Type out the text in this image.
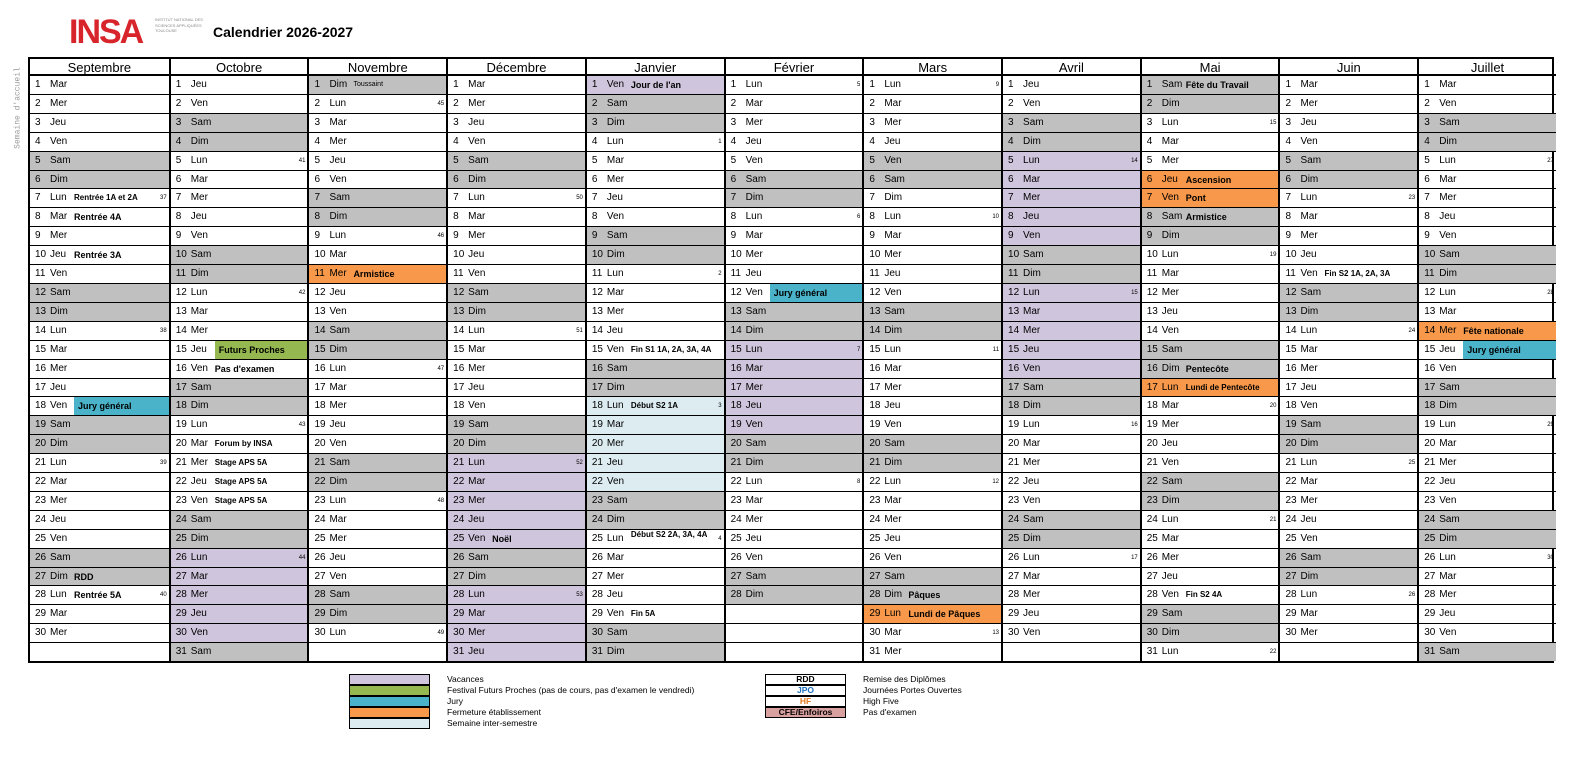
INSA	INSTITUT NATIONAL DES SCIENCES APPLIQUÉES TOULOUSE	Calendrier 2026-2027
Semaine d'accueil	Septembre
1 Mar
2 Mer
3 Jeu
4 Ven
5 Sam
6 Dim
7 Lun Rentrée 1A et 2A	37
8 Mar Rentrée 4A
9 Mer
10 Jeu Rentrée 3A
11 Ven
12 Sam
13 Dim
14 Lun	38
15 Mar
16 Mer
17 Jeu
18 Ven Jury général
19 Sam
20 Dim
21 Lun	39
22 Mar
23 Mer
24 Jeu
25 Ven
26 Sam
27 Dim RDD
28 Lun Rentrée 5A	40
29 Mar
30 Mer
Octobre
1 Jeu
2 Ven
3 Sam
4 Dim
5 Lun	41
6 Mar
7 Mer
8 Jeu
9 Ven
10 Sam
11 Dim
12 Lun	42
13 Mar
14 Mer
15 Jeu Futurs Proches
16 Ven Pas d'examen
17 Sam
18 Dim
19 Lun	43
20 Mar Forum by INSA
21 Mer Stage APS 5A
22 Jeu Stage APS 5A
23 Ven Stage APS 5A
24 Sam
25 Dim
26 Lun	44
27 Mar
28 Mer
29 Jeu
30 Ven
31 Sam
Novembre
1 Dim Toussaint
2 Lun	45
3 Mar
4 Mer
5 Jeu
6 Ven
7 Sam
8 Dim
9 Lun	46
10 Mar
11 Mer Armistice
12 Jeu
13 Ven
14 Sam
15 Dim
16 Lun	47
17 Mar
18 Mer
19 Jeu
20 Ven
21 Sam
22 Dim
23 Lun	48
24 Mar
25 Mer
26 Jeu
27 Ven
28 Sam
29 Dim
30 Lun	49
Décembre
1 Mar
2 Mer
3 Jeu
4 Ven
5 Sam
6 Dim
7 Lun	50
8 Mar
9 Mer
10 Jeu
11 Ven
12 Sam
13 Dim
14 Lun	51
15 Mar
16 Mer
17 Jeu
18 Ven
19 Sam
20 Dim
21 Lun	52
22 Mar
23 Mer
24 Jeu
25 Ven Noël
26 Sam
27 Dim
28 Lun	53
29 Mar
30 Mer
31 Jeu
Janvier
1 Ven Jour de l'an
2 Sam
3 Dim
4 Lun	1
5 Mar
6 Mer
7 Jeu
8 Ven
9 Sam
10 Dim
11 Lun	2
12 Mar
13 Mer
14 Jeu
15 Ven Fin S1 1A, 2A, 3A, 4A
16 Sam
17 Dim
18 Lun Début S2 1A	3
19 Mar
20 Mer
21 Jeu
22 Ven
23 Sam
24 Dim
25 Lun Début S2 2A, 3A, 4A	4
26 Mar
27 Mer
28 Jeu
29 Ven Fin 5A
30 Sam
31 Dim
Février
1 Lun	5
2 Mar
3 Mer
4 Jeu
5 Ven
6 Sam
7 Dim
8 Lun	6
9 Mar
10 Mer
11 Jeu
12 Ven Jury général
13 Sam
14 Dim
15 Lun	7
16 Mar
17 Mer
18 Jeu
19 Ven
20 Sam
21 Dim
22 Lun	8
23 Mar
24 Mer
25 Jeu
26 Ven
27 Sam
28 Dim
Mars
1 Lun	9
2 Mar
3 Mer
4 Jeu
5 Ven
6 Sam
7 Dim
8 Lun	10
9 Mar
10 Mer
11 Jeu
12 Ven
13 Sam
14 Dim
15 Lun	11
16 Mar
17 Mer
18 Jeu
19 Ven
20 Sam
21 Dim
22 Lun	12
23 Mar
24 Mer
25 Jeu
26 Ven
27 Sam
28 Dim Pâques
29 Lun Lundi de Pâques
30 Mar	13
31 Mer
Avril
1 Jeu
2 Ven
3 Sam
4 Dim
5 Lun	14
6 Mar
7 Mer
8 Jeu
9 Ven
10 Sam
11 Dim
12 Lun	15
13 Mar
14 Mer
15 Jeu
16 Ven
17 Sam
18 Dim
19 Lun	16
20 Mar
21 Mer
22 Jeu
23 Ven
24 Sam
25 Dim
26 Lun	17
27 Mar
28 Mer
29 Jeu
30 Ven
Mai
1 Sam Fête du Travail
2 Dim
3 Lun	15
4 Mar
5 Mer
6 Jeu Ascension
7 Ven Pont
8 Sam Armistice
9 Dim
10 Lun	19
11 Mar
12 Mer
13 Jeu
14 Ven
15 Sam
16 Dim Pentecôte
17 Lun Lundi de Pentecôte
18 Mar	20
19 Mer
20 Jeu
21 Ven
22 Sam
23 Dim
24 Lun	21
25 Mar
26 Mer
27 Jeu
28 Ven Fin S2 4A
29 Sam
30 Dim
31 Lun	22
Juin
1 Mar
2 Mer
3 Jeu
4 Ven
5 Sam
6 Dim
7 Lun	23
8 Mar
9 Mer
10 Jeu
11 Ven Fin S2 1A, 2A, 3A
12 Sam
13 Dim
14 Lun	24
15 Mar
16 Mer
17 Jeu
18 Ven
19 Sam
20 Dim
21 Lun	25
22 Mar
23 Mer
24 Jeu
25 Ven
26 Sam
27 Dim
28 Lun	26
29 Mar
30 Mer
Juillet
1 Mar
2 Ven
3 Sam
4 Dim
5 Lun	27
6 Mar
7 Mer
8 Jeu
9 Ven
10 Sam
11 Dim
12 Lun	28
13 Mar
14 Mer Fête nationale
15 Jeu Jury général
16 Ven
17 Sam
18 Dim
19 Lun	29
20 Mar
21 Mer
22 Jeu
23 Ven
24 Sam
25 Dim
26 Lun	30
27 Mar
28 Mer
29 Jeu
30 Ven
31 Sam
Vacances
Festival Futurs Proches (pas de cours, pas d'examen le vendredi)
Jury
Fermeture établissement
Semaine inter-semestre
RDD	Remise des Diplômes
JPO	Journées Portes Ouvertes
HF	High Five
CFE/Enfoiros	Pas d'examen
